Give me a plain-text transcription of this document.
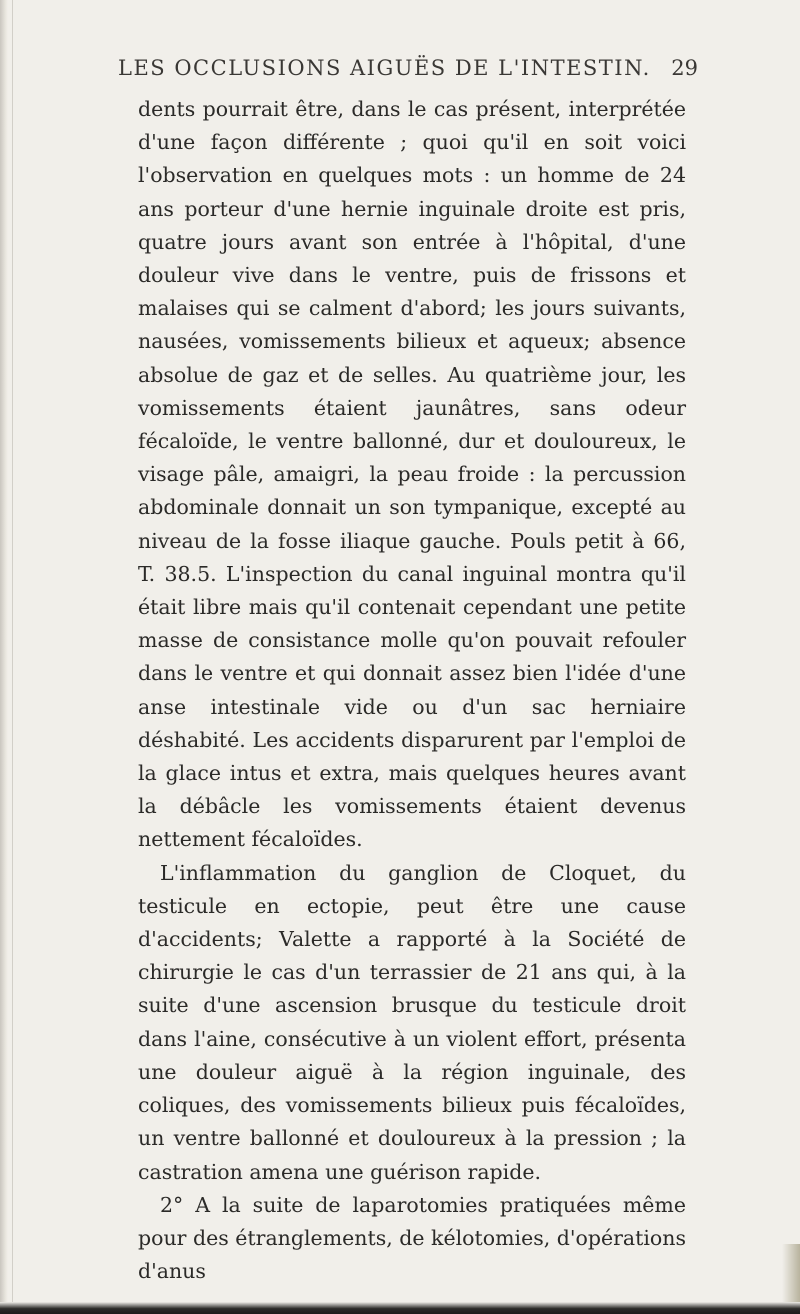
LES OCCLUSIONS AIGUËS DE L'INTESTIN. 29

dents pourrait être, dans le cas présent, interprétée d'une façon différente ; quoi qu'il en soit voici l'observation en quelques mots : un homme de 24 ans porteur d'une hernie inguinale droite est pris, quatre jours avant son entrée à l'hôpital, d'une douleur vive dans le ventre, puis de frissons et malaises qui se calment d'abord; les jours suivants, nausées, vomissements bilieux et aqueux; absence absolue de gaz et de selles. Au quatrième jour, les vomissements étaient jaunâtres, sans odeur fécaloïde, le ventre ballonné, dur et douloureux, le visage pâle, amaigri, la peau froide : la percussion abdominale donnait un son tympanique, excepté au niveau de la fosse iliaque gauche. Pouls petit à 66, T. 38.5. L'inspection du canal inguinal montra qu'il était libre mais qu'il contenait cependant une petite masse de consistance molle qu'on pouvait refouler dans le ventre et qui donnait assez bien l'idée d'une anse intestinale vide ou d'un sac herniaire déshabité. Les accidents disparurent par l'emploi de la glace intus et extra, mais quelques heures avant la débâcle les vomissements étaient devenus nettement fécaloïdes.

L'inflammation du ganglion de Cloquet, du testicule en ectopie, peut être une cause d'accidents; Valette a rapporté à la Société de chirurgie le cas d'un terrassier de 21 ans qui, à la suite d'une ascension brusque du testicule droit dans l'aine, consécutive à un violent effort, présenta une douleur aiguë à la région inguinale, des coliques, des vomissements bilieux puis fécaloïdes, un ventre ballonné et douloureux à la pression ; la castration amena une guérison rapide.

2° A la suite de laparotomies pratiquées même pour des étranglements, de kélotomies, d'opérations d'anus
